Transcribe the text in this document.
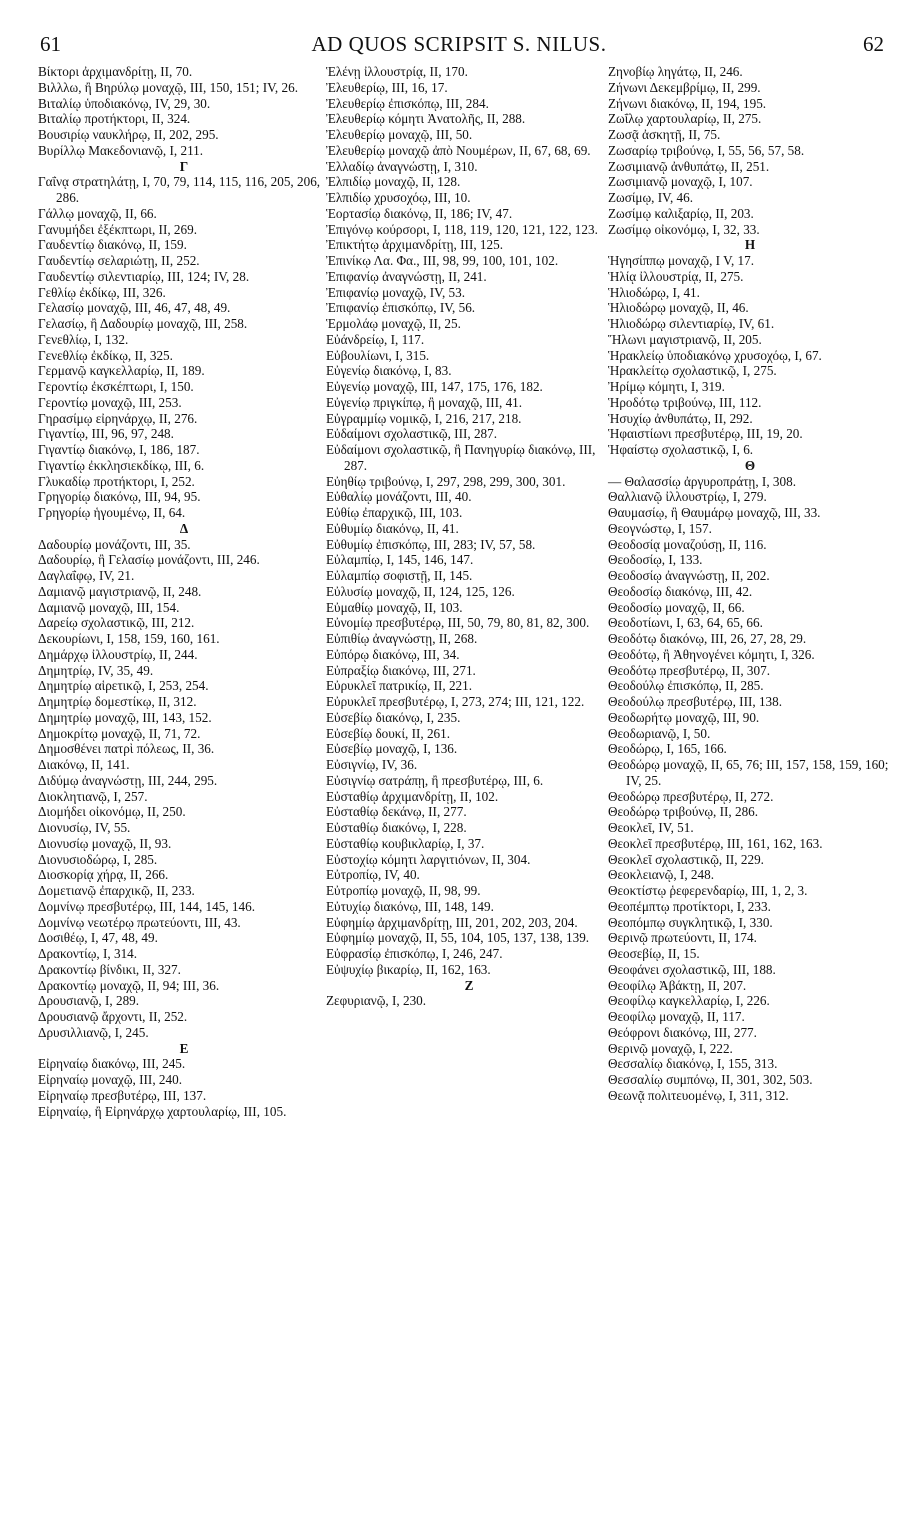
61	AD QUOS SCRIPSIT S. NILUS.	62
Βίκτορι ἀρχιμανδρίτῃ, II, 70.
Βιλλλω, ἢ Βηρύλῳ μοναχῷ, III, 150, 151; IV, 26.
Βιταλίῳ ὑποδιακόνῳ, IV, 29, 30.
Βιταλίῳ προτήκτορι, II, 324.
Βουσιρίῳ ναυκλήρῳ, II, 202, 295.
Βυρίλλῳ Μακεδονιανῷ, I, 211.
Γ
Γαΐνᾳ στρατηλάτῃ, I, 70, 79, 114, 115, 116, 205, 206, 286.
Γάλλῳ μοναχῷ, II, 66.
Γανυμήδει ἐξέκπτωρι, II, 269.
Γαυδεντίῳ διακόνῳ, II, 159.
Γαυδεντίῳ σελαριώτῃ, II, 252.
Γαυδεντίῳ σιλεντιαρίῳ, III, 124; IV, 28.
Γεθλίῳ ἐκδίκῳ, III, 326.
Γελασίῳ μοναχῷ, III, 46, 47, 48, 49.
Γελασίῳ, ἢ Δαδουρίῳ μοναχῷ, III, 258.
Γενεθλίῳ, I, 132.
Γενεθλίῳ ἐκδίκῳ, II, 325.
Γερμανῷ καγκελλαρίῳ, II, 189.
Γεροντίῳ ἐκσκέπτωρι, I, 150.
Γεροντίῳ μοναχῷ, III, 253.
Γηρασίμῳ εἰρηνάρχῳ, II, 276.
Γιγαντίῳ, III, 96, 97, 248.
Γιγαντίῳ διακόνῳ, I, 186, 187.
Γιγαντίῳ ἐκκλησιεκδίκῳ, III, 6.
Γλυκαδίῳ προτήκτορι, I, 252.
Γρηγορίῳ διακόνῳ, III, 94, 95.
Γρηγορίῳ ἡγουμένῳ, II, 64.
Δ
Δαδουρίῳ μονάζοντι, III, 35.
Δαδουρίῳ, ἢ Γελασίῳ μονάζοντι, III, 246.
Δαγλαΐφῳ, IV, 21.
Δαμιανῷ μαγιστριανῷ, II, 248.
Δαμιανῷ μοναχῷ, III, 154.
Δαρείῳ σχολαστικῷ, III, 212.
Δεκουρίωνι, I, 158, 159, 160, 161.
Δημάρχῳ ἰλλουστρίῳ, II, 244.
Δημητρίῳ, IV, 35, 49.
Δημητρίῳ αἱρετικῷ, I, 253, 254.
Δημητρίῳ δομεστίκῳ, II, 312.
Δημητρίῳ μοναχῷ, III, 143, 152.
Δημοκρίτῳ μοναχῷ, II, 71, 72.
Δημοσθένει πατρὶ πόλεως, II, 36.
Διακόνῳ, II, 141.
Διδύμῳ ἀναγνώστῃ, III, 244, 295.
Διοκλητιανῷ, I, 257.
Διομήδει οἰκονόμῳ, II, 250.
Διονυσίῳ, IV, 55.
Διονυσίῳ μοναχῷ, II, 93.
Διονυσιοδώρῳ, I, 285.
Διοσκορίᾳ χήρᾳ, II, 266.
Δομετιανῷ ἐπαρχικῷ, II, 233.
Δομνίνῳ πρεσβυτέρῳ, III, 144, 145, 146.
Δομνίνῳ νεωτέρῳ πρωτεύοντι, III, 43.
Δοσιθέῳ, I, 47, 48, 49.
Δρακοντίῳ, I, 314.
Δρακοντίῳ βίνδικι, II, 327.
Δρακοντίῳ μοναχῷ, II, 94; III, 36.
Δρουσιανῷ, I, 289.
Δρουσιανῷ ἄρχοντι, II, 252.
Δρυσιλλιανῷ, I, 245.
Ε
Εἰρηναίῳ διακόνῳ, III, 245.
Εἰρηναίῳ μοναχῷ, III, 240.
Εἰρηναίῳ πρεσβυτέρῳ, III, 137.
Εἰρηναίῳ, ἢ Εἰρηνάρχῳ χαρτουλαρίῳ, III, 105.
Ἑλένῃ ἰλλουστρίᾳ, II, 170.
Ἐλευθερίῳ, III, 16, 17.
Ἐλευθερίῳ ἐπισκόπῳ, III, 284.
Ἐλευθερίῳ κόμητι Ἀνατολῆς, II, 288.
Ἐλευθερίῳ μοναχῷ, III, 50.
Ἐλευθερίῳ μοναχῷ ἀπὸ Νουμέρων, II, 67, 68, 69.
Ἑλλαδίῳ ἀναγνώστῃ, I, 310.
Ἐλπιδίῳ μοναχῷ, II, 128.
Ἐλπιδίῳ χρυσοχόῳ, III, 10.
Ἑορτασίῳ διακόνῳ, II, 186; IV, 47.
Ἐπιγόνῳ κούρσορι, I, 118, 119, 120, 121, 122, 123.
Ἐπικτήτῳ ἀρχιμανδρίτῃ, III, 125.
Ἐπινίκῳ Λα. Φα., III, 98, 99, 100, 101, 102.
Ἐπιφανίῳ ἀναγνώστῃ, II, 241.
Ἐπιφανίῳ μοναχῷ, IV, 53.
Ἐπιφανίῳ ἐπισκόπῳ, IV, 56.
Ἑρμολάῳ μοναχῷ, II, 25.
Εὐάνδρείῳ, I, 117.
Εὐβουλίωνι, I, 315.
Εὐγενίῳ διακόνῳ, I, 83.
Εὐγενίῳ μοναχῷ, III, 147, 175, 176, 182.
Εὐγενίῳ πριγκίπῳ, ἢ μοναχῷ, III, 41.
Εὐγραμμίῳ νομικῷ, I, 216, 217, 218.
Εὐδαίμονι σχολαστικῷ, III, 287.
Εὐδαίμονι σχολαστικῷ, ἢ Πανηγυρίῳ διακόνῳ, III, 287.
Εὐηθίῳ τριβούνῳ, I, 297, 298, 299, 300, 301.
Εὐθαλίῳ μονάζοντι, III, 40.
Εὐθίῳ ἐπαρχικῷ, III, 103.
Εὐθυμίῳ διακόνῳ, II, 41.
Εὐθυμίῳ ἐπισκόπῳ, III, 283; IV, 57, 58.
Εὐλαμπίῳ, I, 145, 146, 147.
Εὐλαμπίῳ σοφιστῇ, II, 145.
Εὐλυσίῳ μοναχῷ, II, 124, 125, 126.
Εὐμαθίῳ μοναχῷ, II, 103.
Εὐνομίῳ πρεσβυτέρῳ, III, 50, 79, 80, 81, 82, 300.
Εὐπιθίῳ ἀναγνώστῃ, II, 268.
Εὐπόρῳ διακόνῳ, III, 34.
Εὐπραξίῳ διακόνῳ, III, 271.
Εὐρυκλεῖ πατρικίῳ, II, 221.
Εὐρυκλεῖ πρεσβυτέρῳ, I, 273, 274; III, 121, 122.
Εὐσεβίῳ διακόνῳ, I, 235.
Εὐσεβίῳ δουκί, II, 261.
Εὐσεβίῳ μοναχῷ, I, 136.
Εὐσιγνίῳ, IV, 36.
Εὐσιγνίῳ σατράπῃ, ἢ πρεσβυτέρῳ, III, 6.
Εὐσταθίῳ ἀρχιμανδρίτῃ, II, 102.
Εὐσταθίῳ δεκάνῳ, II, 277.
Εὐσταθίῳ διακόνῳ, I, 228.
Εὐσταθίῳ κουβικλαρίῳ, I, 37.
Εὐστοχίῳ κόμητι λαργιτιόνων, II, 304.
Εὐτροπίῳ, IV, 40.
Εὐτροπίῳ μοναχῷ, II, 98, 99.
Εὐτυχίῳ διακόνῳ, III, 148, 149.
Εὐφημίῳ ἀρχιμανδρίτῃ, III, 201, 202, 203, 204.
Εὐφημίῳ μοναχῷ, II, 55, 104, 105, 137, 138, 139.
Εὐφρασίῳ ἐπισκόπῳ, I, 246, 247.
Εὐψυχίῳ βικαρίῳ, II, 162, 163.
Ζ
Ζεφυριανῷ, I, 230.
Ζηνοβίῳ ληγάτῳ, II, 246.
Ζήνωνι Δεκεμβρίμῳ, II, 299.
Ζήνωνι διακόνῳ, II, 194, 195.
Ζωΐλῳ χαρτουλαρίῳ, II, 275.
Ζωσᾷ ἀσκητῇ, II, 75.
Ζωσαρίῳ τριβούνῳ, I, 55, 56, 57, 58.
Ζωσιμιανῷ ἀνθυπάτῳ, II, 251.
Ζωσιμιανῷ μοναχῷ, I, 107.
Ζωσίμῳ, IV, 46.
Ζωσίμῳ καλιξαρίῳ, II, 203.
Ζωσίμῳ οἰκονόμῳ, I, 32, 33.
Η
Ἡγησίππῳ μοναχῷ, I V, 17.
Ἡλίᾳ ἰλλουστρίᾳ, II, 275.
Ἡλιοδώρῳ, I, 41.
Ἡλιοδώρῳ μοναχῷ, II, 46.
Ἡλιοδώρῳ σιλεντιαρίῳ, IV, 61.
Ἥλωνι μαγιστριανῷ, II, 205.
Ἡρακλείῳ ὑποδιακόνῳ χρυσοχόῳ, I, 67.
Ἡρακλείτῳ σχολαστικῷ, I, 275.
Ἠρίμῳ κόμητι, I, 319.
Ἡροδότῳ τριβούνῳ, III, 112.
Ἡσυχίῳ ἀνθυπάτῳ, II, 292.
Ἡφαιστίωνι πρεσβυτέρῳ, III, 19, 20.
Ἡφαίστῳ σχολαστικῷ, I, 6.
Θ
— Θαλασσίῳ ἀργυροπράτῃ, I, 308.
Θαλλιανῷ ἰλλουστρίῳ, I, 279.
Θαυμασίῳ, ἢ Θαυμάρῳ μοναχῷ, III, 33.
Θεογνώστῳ, I, 157.
Θεοδοσίᾳ μοναζούσῃ, II, 116.
Θεοδοσίῳ, I, 133.
Θεοδοσίῳ ἀναγνώστῃ, II, 202.
Θεοδοσίῳ διακόνῳ, III, 42.
Θεοδοσίῳ μοναχῷ, II, 66.
Θεοδοτίωνι, I, 63, 64, 65, 66.
Θεοδότῳ διακόνῳ, III, 26, 27, 28, 29.
Θεοδότῳ, ἢ Ἀθηνογένει κόμητι, I, 326.
Θεοδότῳ πρεσβυτέρῳ, II, 307.
Θεοδούλῳ ἐπισκόπῳ, II, 285.
Θεοδούλῳ πρεσβυτέρῳ, III, 138.
Θεοδωρήτῳ μοναχῷ, III, 90.
Θεοδωριανῷ, I, 50.
Θεοδώρῳ, I, 165, 166.
Θεοδώρῳ μοναχῷ, II, 65, 76; III, 157, 158, 159, 160; IV, 25.
Θεοδώρῳ πρεσβυτέρῳ, II, 272.
Θεοδώρῳ τριβούνῳ, II, 286.
Θεοκλεῖ, IV, 51.
Θεοκλεῖ πρεσβυτέρῳ, III, 161, 162, 163.
Θεοκλεῖ σχολαστικῷ, II, 229.
Θεοκλειανῷ, I, 248.
Θεοκτίστῳ ῥεφερενδαρίῳ, III, 1, 2, 3.
Θεοπέμπτῳ προτίκτορι, I, 233.
Θεοπόμπῳ συγκλητικῷ, I, 330.
Θερινῷ πρωτεύοντι, II, 174.
Θεοσεβίῳ, II, 15.
Θεοφάνει σχολαστικῷ, III, 188.
Θεοφίλῳ Ἀβάκτῃ, II, 207.
Θεοφίλῳ καγκελλαρίῳ, I, 226.
Θεοφίλῳ μοναχῷ, II, 117.
Θεόφρονι διακόνῳ, III, 277.
Θερινῷ μοναχῷ, I, 222.
Θεσσαλίῳ διακόνῳ, I, 155, 313.
Θεσσαλίῳ συμπόνῳ, II, 301, 302, 503.
Θεωνᾷ πολιτευομένῳ, I, 311, 312.
